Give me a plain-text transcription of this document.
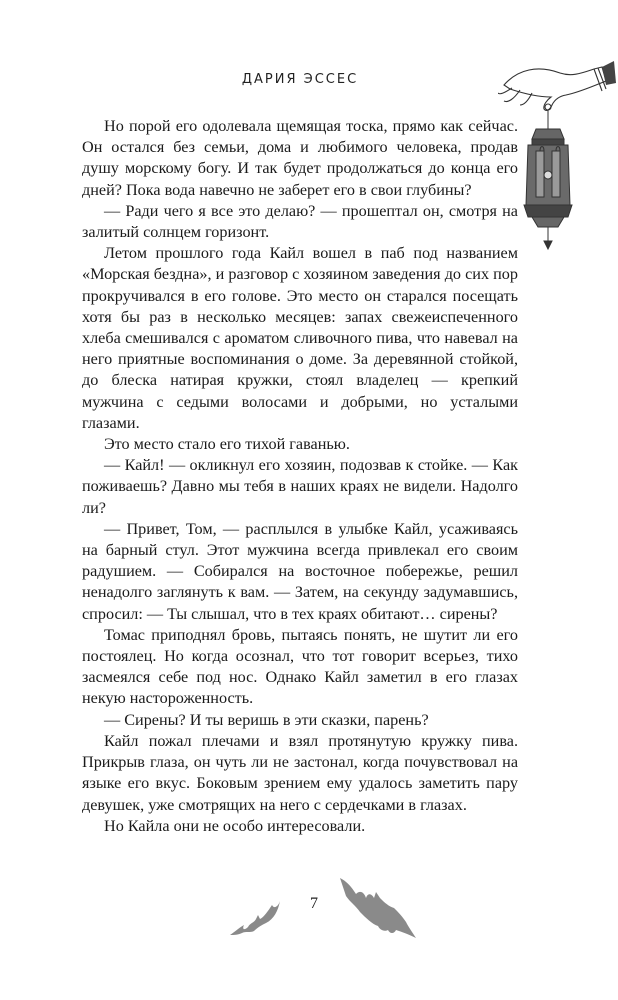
ДАРИЯ ЭССЕС

Но порой его одолевала щемящая тоска, прямо как сейчас. Он остался без семьи, дома и любимого человека, продав душу морскому богу. И так будет продолжаться до конца его дней? Пока вода навечно не заберет его в свои глубины?

— Ради чего я все это делаю? — прошептал он, смотря на залитый солнцем горизонт.

Летом прошлого года Кайл вошел в паб под названием «Морская бездна», и разговор с хозяином заведения до сих пор прокручивался в его голове. Это место он старался посещать хотя бы раз в несколько месяцев: запах свежеиспеченного хлеба смешивался с ароматом сливочного пива, что навевал на него приятные воспоминания о доме. За деревянной стойкой, до блеска натирая кружки, стоял владелец — крепкий мужчина с седыми волосами и добрыми, но усталыми глазами.

Это место стало его тихой гаванью.

— Кайл! — окликнул его хозяин, подозвав к стойке. — Как поживаешь? Давно мы тебя в наших краях не видели. Надолго ли?

— Привет, Том, — расплылся в улыбке Кайл, усаживаясь на барный стул. Этот мужчина всегда привлекал его своим радушием. — Собирался на восточное побережье, решил ненадолго заглянуть к вам. — Затем, на секунду задумавшись, спросил: — Ты слышал, что в тех краях обитают… сирены?

Томас приподнял бровь, пытаясь понять, не шутит ли его постоялец. Но когда осознал, что тот говорит всерьез, тихо засмеялся себе под нос. Однако Кайл заметил в его глазах некую настороженность.

— Сирены? И ты веришь в эти сказки, парень?

Кайл пожал плечами и взял протянутую кружку пива. Прикрыв глаза, он чуть ли не застонал, когда почувствовал на языке его вкус. Боковым зрением ему удалось заметить пару девушек, уже смотрящих на него с сердечками в глазах.

Но Кайла они не особо интересовали.

7
